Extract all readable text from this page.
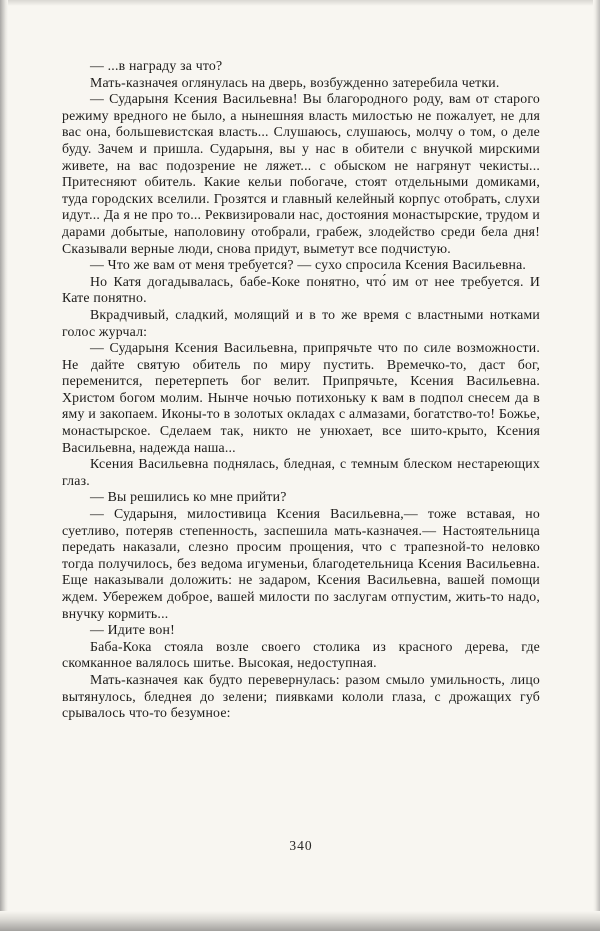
— ...в награду за что?

Мать-казначея оглянулась на дверь, возбужденно затеребила четки.

— Сударыня Ксения Васильевна! Вы благородного роду, вам от старого режиму вредного не было, а нынешняя власть милостью не пожалует, не для вас она, большевистская власть... Слушаюсь, слушаюсь, молчу о том, о деле буду. Зачем и пришла. Сударыня, вы у нас в обители с внучкой мирскими живете, на вас подозрение не ляжет... с обыском не нагрянут чекисты... Притесняют обитель. Какие кельи побогаче, стоят отдельными домиками, туда городских вселили. Грозятся и главный келейный корпус отобрать, слухи идут... Да я не про то... Реквизировали нас, достояния монастырские, трудом и дарами добытые, наполовину отобрали, грабеж, злодейство среди бела дня! Сказывали верные люди, снова придут, выметут все подчистую.

— Что же вам от меня требуется? — сухо спросила Ксения Васильевна.

Но Катя догадывалась, бабе-Коке понятно, что́ им от нее требуется. И Кате понятно.

Вкрадчивый, сладкий, молящий и в то же время с властными нотками голос журчал:

— Сударыня Ксения Васильевна, припрячьте что по силе возможности. Не дайте святую обитель по миру пустить. Времечко-то, даст бог, переменится, перетерпеть бог велит. Припрячьте, Ксения Васильевна. Христом богом молим. Нынче ночью потихоньку к вам в подпол снесем да в яму и закопаем. Иконы-то в золотых окладах с алмазами, богатство-то! Божье, монастырское. Сделаем так, никто не унюхает, все шито-крыто, Ксения Васильевна, надежда наша...

Ксения Васильевна поднялась, бледная, с темным блеском нестареющих глаз.

— Вы решились ко мне прийти?

— Сударыня, милостивица Ксения Васильевна,— тоже вставая, но суетливо, потеряв степенность, заспешила мать-казначея.— Настоятельница передать наказали, слезно просим прощения, что с трапезной-то неловко тогда получилось, без ведома игуменьи, благодетельница Ксения Васильевна. Еще наказывали доложить: не задаром, Ксения Васильевна, вашей помощи ждем. Убережем доброе, вашей милости по заслугам отпустим, жить-то надо, внучку кормить...

— Идите вон!

Баба-Кока стояла возле своего столика из красного дерева, где скомканное валялось шитье. Высокая, недоступная.

Мать-казначея как будто перевернулась: разом смыло умильность, лицо вытянулось, бледнея до зелени; пиявками кололи глаза, с дрожащих губ срывалось что-то безумное:

340
